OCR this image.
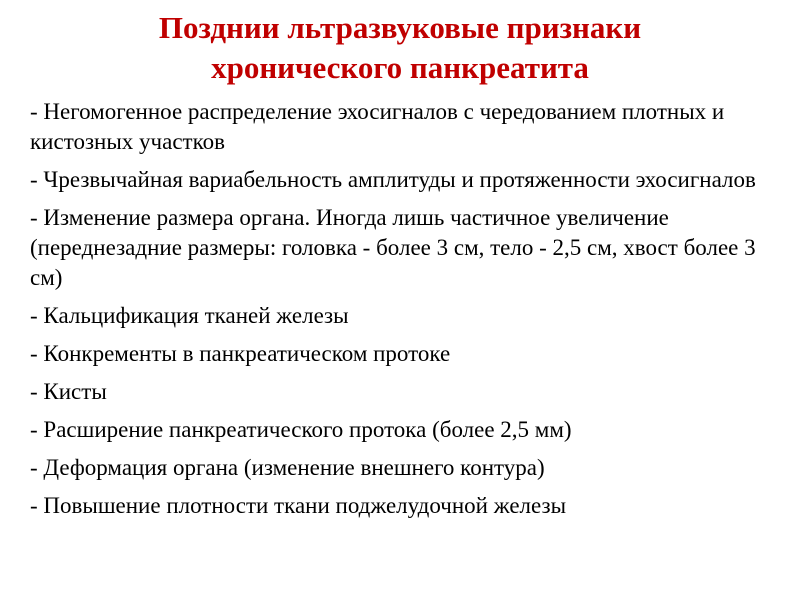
Позднии льтразвуковые признаки
хронического панкреатита
- Негомогенное распределение эхосигналов с чередованием плотных и кистозных участков
- Чрезвычайная вариабельность амплитуды и протяженности эхосигналов
- Изменение размера органа. Иногда лишь частичное увеличение (переднезадние размеры: головка - более 3 см, тело - 2,5 см, хвост более 3 см)
- Кальцификация тканей железы
- Конкременты в панкреатическом протоке
- Кисты
- Расширение панкреатического протока (более 2,5 мм)
- Деформация органа (изменение внешнего контура)
- Повышение плотности ткани поджелудочной железы
